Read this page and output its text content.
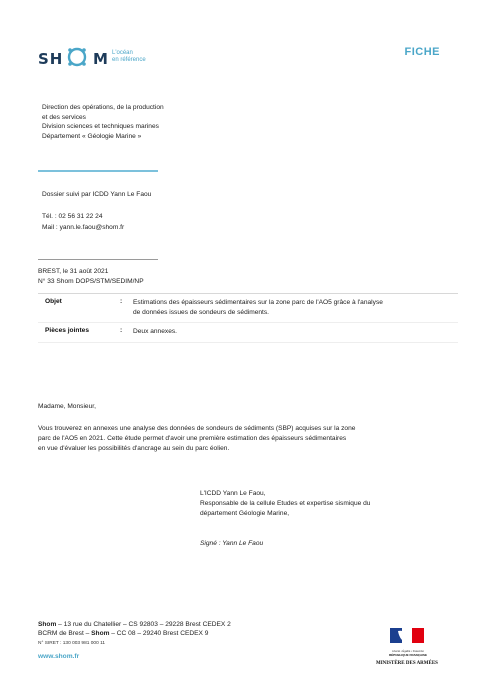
SH M L'océan
en référence
FICHE
Direction des opérations, de la production
et des services
Division sciences et techniques marines
Département « Géologie Marine »
Dossier suivi par ICDD Yann Le Faou
Tél. : 02 56 31 22 24
Mail : yann.le.faou@shom.fr
BREST, le 31 août 2021
N° 33 Shom DOPS/STM/SEDIM/NP
Objet	: Estimations des épaisseurs sédimentaires sur la zone parc de l'AO5 grâce à l'analyse
de données issues de sondeurs de sédiments.
Pièces jointes	: Deux annexes.
Madame, Monsieur,
Vous trouverez en annexes une analyse des données de sondeurs de sédiments (SBP) acquises sur la zone
parc de l'AO5 en 2021. Cette étude permet d'avoir une première estimation des épaisseurs sédimentaires
en vue d'évaluer les possibilités d'ancrage au sein du parc éolien.
L'ICDD Yann Le Faou,
Responsable de la cellule Etudes et expertise sismique du
département Géologie Marine,
Signé : Yann Le Faou
Shom – 13 rue du Chatellier – CS 92803 – 29228 Brest CEDEX 2
BCRM de Brest – Shom – CC 08 – 29240 Brest CEDEX 9
N° SIRET : 130 003 981 000 11
www.shom.fr
Liberté • Égalité • Fraternité
RÉPUBLIQUE FRANÇAISE
MINISTÈRE DES ARMÉES
